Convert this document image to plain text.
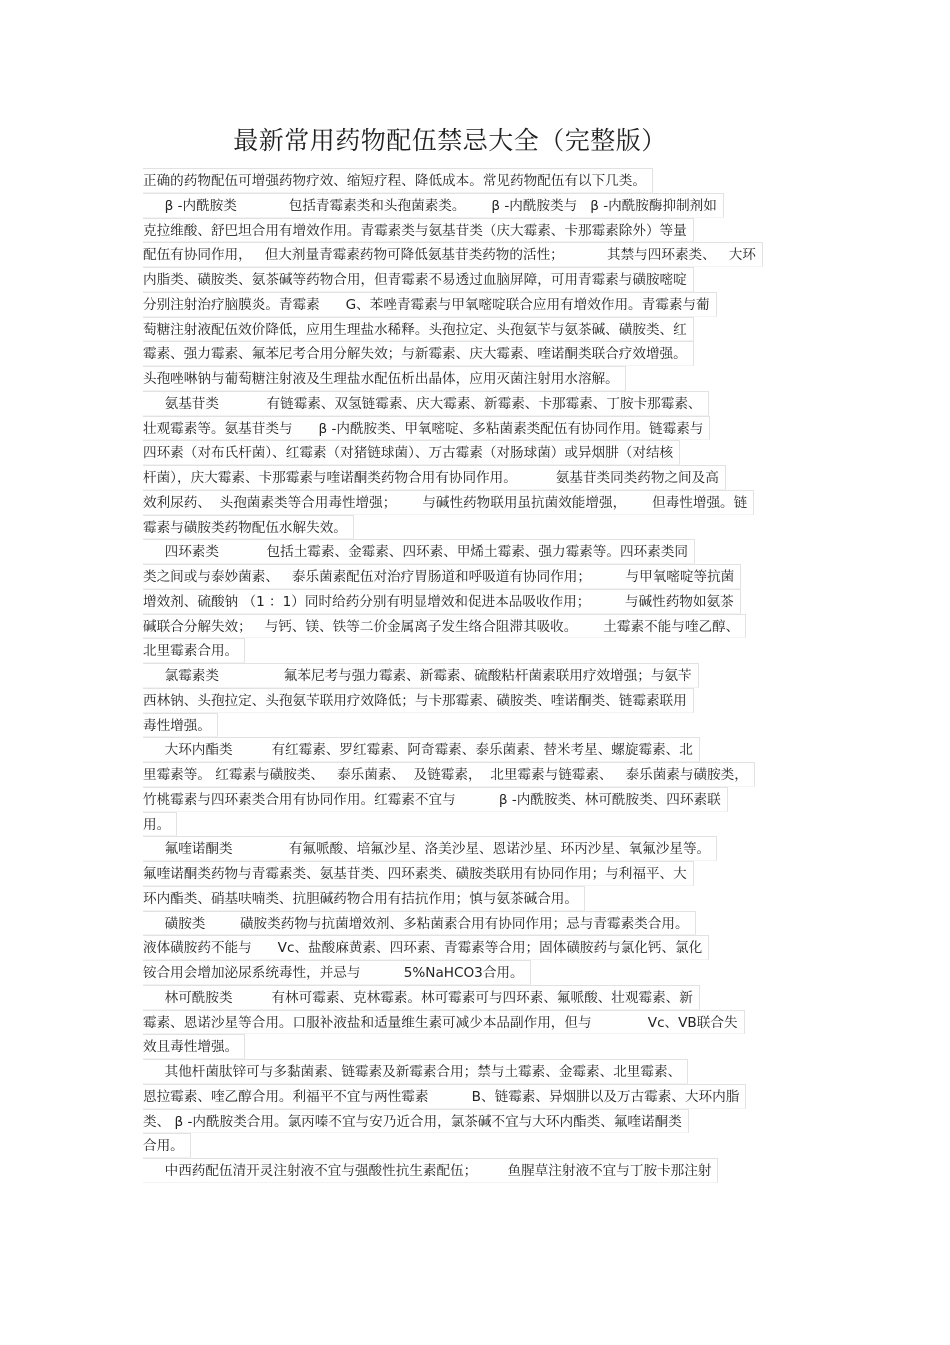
最新常用药物配伍禁忌大全（完整版）
正确的药物配伍可增强药物疗效、缩短疗程、降低成本。常见药物配伍有以下几类。
β -内酰胺类            包括青霉素类和头孢菌素类。      β -内酰胺类与   β -内酰胺酶抑制剂如
克拉维酸、舒巴坦合用有增效作用。青霉素类与氨基苷类（庆大霉素、卡那霉素除外）等量
配伍有协同作用，   但大剂量青霉素药物可降低氨基苷类药物的活性；          其禁与四环素类、   大环
内脂类、磺胺类、氨茶碱等药物合用，但青霉素不易透过血脑屏障，可用青霉素与磺胺嘧啶
分别注射治疗脑膜炎。青霉素      G、苯唑青霉素与甲氧嘧啶联合应用有增效作用。青霉素与葡
萄糖注射液配伍效价降低，应用生理盐水稀释。头孢拉定、头孢氨苄与氨茶碱、磺胺类、红
霉素、强力霉素、氟苯尼考合用分解失效；与新霉素、庆大霉素、喹诺酮类联合疗效增强。
头孢唑啉钠与葡萄糖注射液及生理盐水配伍析出晶体，应用灭菌注射用水溶解。
氨基苷类           有链霉素、双氢链霉素、庆大霉素、新霉素、卡那霉素、丁胺卡那霉素、
壮观霉素等。氨基苷类与      β -内酰胺类、甲氧嘧啶、多粘菌素类配伍有协同作用。链霉素与
四环素（对布氏杆菌）、红霉素（对猪链球菌）、万古霉素（对肠球菌）或异烟肼（对结核
杆菌），庆大霉素、卡那霉素与喹诺酮类药物合用有协同作用。         氨基苷类同类药物之间及高
效利尿药、  头孢菌素类等合用毒性增强；      与碱性药物联用虽抗菌效能增强，      但毒性增强。链
霉素与磺胺类药物配伍水解失效。
四环素类           包括土霉素、金霉素、四环素、甲烯土霉素、强力霉素等。四环素类同
类之间或与泰妙菌素、   泰乐菌素配伍对治疗胃肠道和呼吸道有协同作用；        与甲氧嘧啶等抗菌
增效剂、硫酸钠 （1 ：1）同时给药分别有明显增效和促进本品吸收作用；        与碱性药物如氨茶
碱联合分解失效；   与钙、镁、铁等二价金属离子发生络合阻滞其吸收。      土霉素不能与喹乙醇、
北里霉素合用。
氯霉素类               氟苯尼考与强力霉素、新霉素、硫酸粘杆菌素联用疗效增强；与氨苄
西林钠、头孢拉定、头孢氨苄联用疗效降低；与卡那霉素、磺胺类、喹诺酮类、链霉素联用
毒性增强。
大环内酯类         有红霉素、罗红霉素、阿奇霉素、泰乐菌素、替米考星、螺旋霉素、北
里霉素等。 红霉素与磺胺类、   泰乐菌素、  及链霉素，  北里霉素与链霉素、   泰乐菌素与磺胺类，
竹桃霉素与四环素类合用有协同作用。红霉素不宜与          β -内酰胺类、林可酰胺类、四环素联
用。
氟喹诺酮类             有氟哌酸、培氟沙星、洛美沙星、恩诺沙星、环丙沙星、氧氟沙星等。
氟喹诺酮类药物与青霉素类、氨基苷类、四环素类、磺胺类联用有协同作用；与利福平、大
环内酯类、硝基呋喃类、抗胆碱药物合用有拮抗作用；慎与氨茶碱合用。
磺胺类        磺胺类药物与抗菌增效剂、多粘菌素合用有协同作用；忌与青霉素类合用。
液体磺胺药不能与      Vc、盐酸麻黄素、四环素、青霉素等合用；固体磺胺药与氯化钙、氯化
铵合用会增加泌尿系统毒性，并忌与          5%NaHCO3合用。
林可酰胺类         有林可霉素、克林霉素。林可霉素可与四环素、氟哌酸、壮观霉素、新
霉素、恩诺沙星等合用。口服补液盐和适量维生素可减少本品副作用，但与             Vc、VB联合失
效且毒性增强。
其他杆菌肽锌可与多黏菌素、链霉素及新霉素合用；禁与土霉素、金霉素、北里霉素、
恩拉霉素、喹乙醇合用。利福平不宜与两性霉素          B、链霉素、异烟肼以及万古霉素、大环内脂
类、 β -内酰胺类合用。氯丙嗪不宜与安乃近合用，氯茶碱不宜与大环内酯类、氟喹诺酮类
合用。
中西药配伍清开灵注射液不宜与强酸性抗生素配伍；       鱼腥草注射液不宜与丁胺卡那注射
